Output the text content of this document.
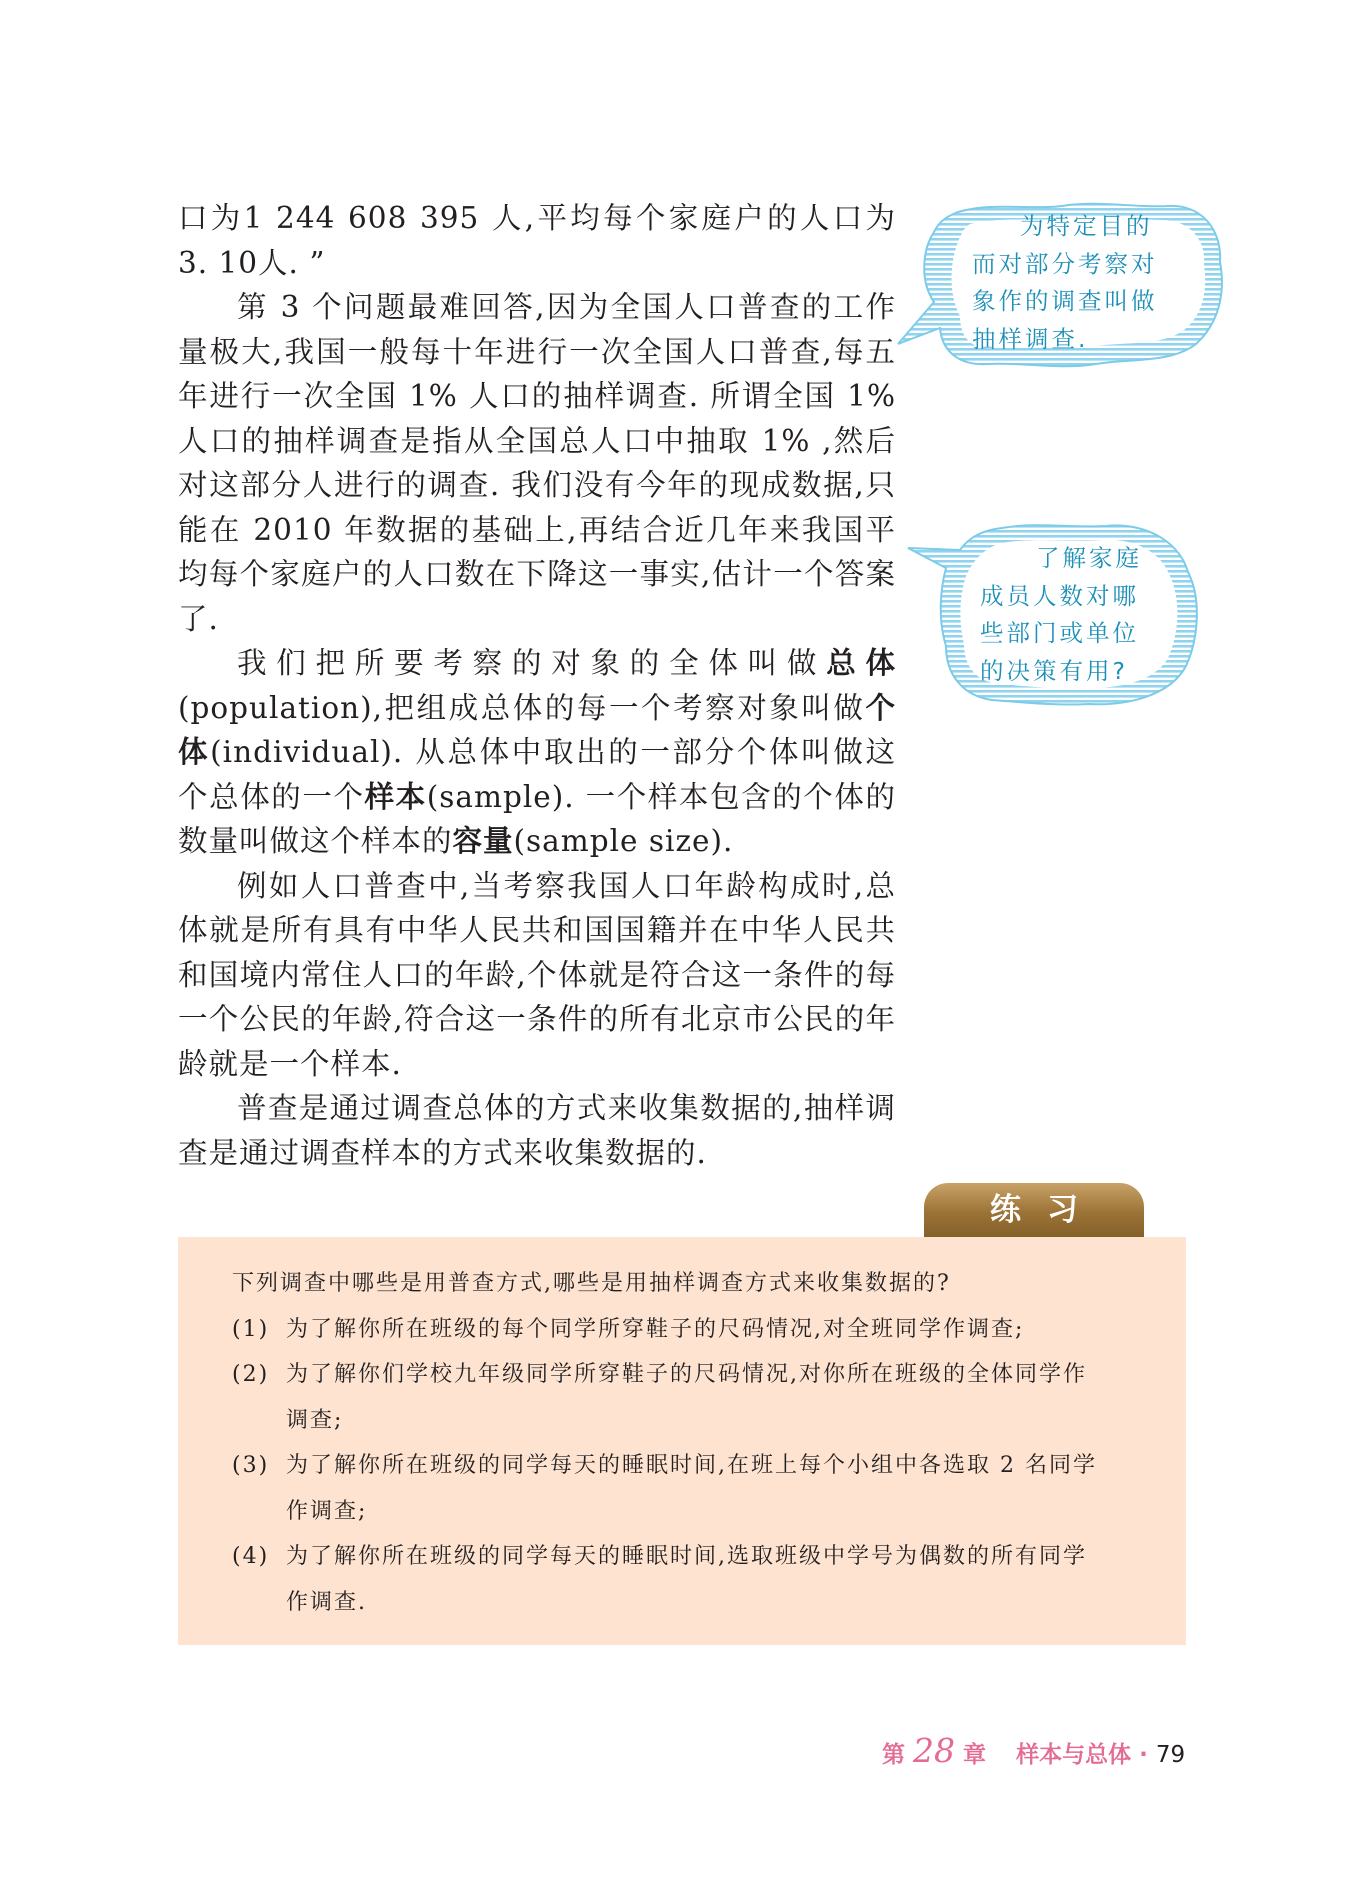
口为1 244 608 395 人,平均每个家庭户的人口为

3. 10人. ”

第 3 个问题最难回答,因为全国人口普查的工作量极大,我国一般每十年进行一次全国人口普查,每五年进行一次全国 1% 人口的抽样调查. 所谓全国 1% 人口的抽样调查是指从全国总人口中抽取 1% ,然后对这部分人进行的调查. 我们没有今年的现成数据,只能在 2010 年数据的基础上,再结合近几年来我国平均每个家庭户的人口数在下降这一事实,估计一个答案了.

我们把所要考察的对象的全体叫做总体(population),把组成总体的每一个考察对象叫做个体(individual). 从总体中取出的一部分个体叫做这个总体的一个样本(sample). 一个样本包含的个体的数量叫做这个样本的容量(sample size).

例如人口普查中,当考察我国人口年龄构成时,总体就是所有具有中华人民共和国国籍并在中华人民共和国境内常住人口的年龄,个体就是符合这一条件的每一个公民的年龄,符合这一条件的所有北京市公民的年龄就是一个样本.

普查是通过调查总体的方式来收集数据的,抽样调查是通过调查样本的方式来收集数据的.

为特定目的
而对部分考察对
象作的调查叫做
抽样调查.
了解家庭
成员人数对哪
些部门或单位
的决策有用?
练习
下列调查中哪些是用普查方式,哪些是用抽样调查方式来收集数据的?
(1) 为了解你所在班级的每个同学所穿鞋子的尺码情况,对全班同学作调查;
(2) 为了解你们学校九年级同学所穿鞋子的尺码情况,对你所在班级的全体同学作
调查;
(3) 为了解你所在班级的同学每天的睡眠时间,在班上每个小组中各选取 2 名同学
作调查;
(4) 为了解你所在班级的同学每天的睡眠时间,选取班级中学号为偶数的所有同学
作调查.
第 28 章 样本与总体 · 79
